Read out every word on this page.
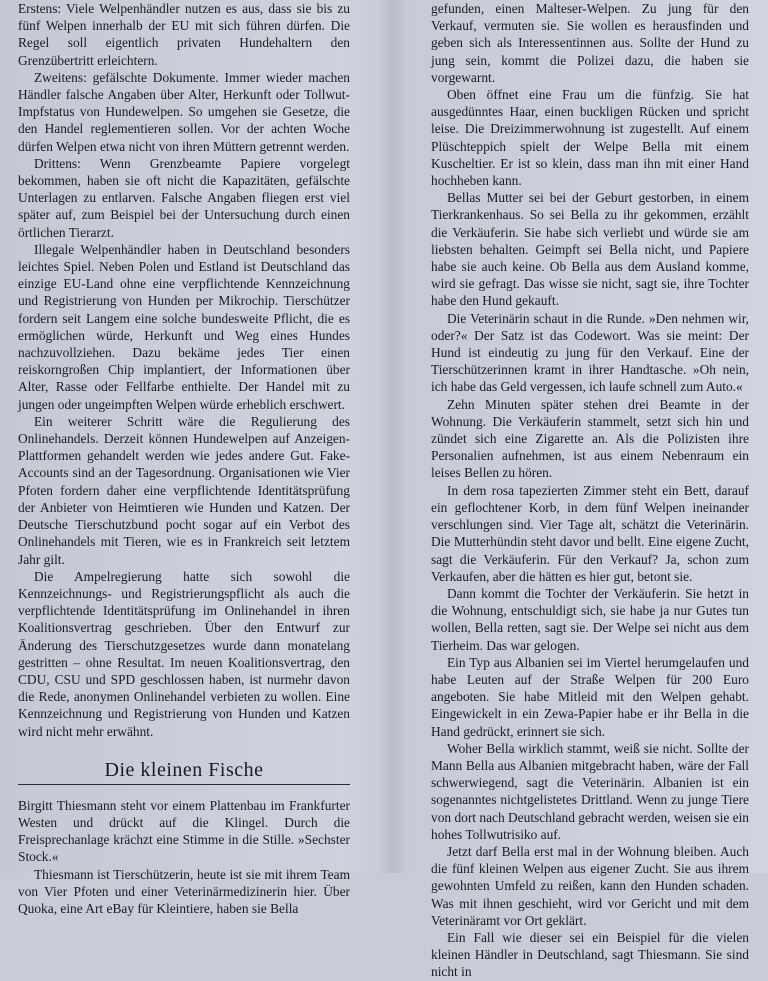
Erstens: Viele Welpenhändler nutzen es aus, dass sie bis zu fünf Welpen innerhalb der EU mit sich führen dürfen. Die Regel soll eigentlich privaten Hundehaltern den Grenzübertritt erleichtern.

Zweitens: gefälschte Dokumente. Immer wieder machen Händler falsche Angaben über Alter, Herkunft oder Tollwut-Impfstatus von Hundewelpen. So umgehen sie Gesetze, die den Handel reglementieren sollen. Vor der achten Woche dürfen Welpen etwa nicht von ihren Müttern getrennt werden.

Drittens: Wenn Grenzbeamte Papiere vorgelegt bekommen, haben sie oft nicht die Kapazitäten, gefälschte Unterlagen zu entlarven. Falsche Angaben fliegen erst viel später auf, zum Beispiel bei der Untersuchung durch einen örtlichen Tierarzt.

Illegale Welpenhändler haben in Deutschland besonders leichtes Spiel. Neben Polen und Estland ist Deutschland das einzige EU-Land ohne eine verpflichtende Kennzeichnung und Registrierung von Hunden per Mikrochip. Tierschützer fordern seit Langem eine solche bundesweite Pflicht, die es ermöglichen würde, Herkunft und Weg eines Hundes nachzuvollziehen. Dazu bekäme jedes Tier einen reiskorngroßen Chip implantiert, der Informationen über Alter, Rasse oder Fellfarbe enthielte. Der Handel mit zu jungen oder ungeimpften Welpen würde erheblich erschwert.

Ein weiterer Schritt wäre die Regulierung des Onlinehandels. Derzeit können Hundewelpen auf Anzeigen-Plattformen gehandelt werden wie jedes andere Gut. Fake-Accounts sind an der Tagesordnung. Organisationen wie Vier Pfoten fordern daher eine verpflichtende Identitätsprüfung der Anbieter von Heimtieren wie Hunden und Katzen. Der Deutsche Tierschutzbund pocht sogar auf ein Verbot des Onlinehandels mit Tieren, wie es in Frankreich seit letztem Jahr gilt.

Die Ampelregierung hatte sich sowohl die Kennzeichnungs- und Registrierungspflicht als auch die verpflichtende Identitätsprüfung im Onlinehandel in ihren Koalitionsvertrag geschrieben. Über den Entwurf zur Änderung des Tierschutzgesetzes wurde dann monatelang gestritten – ohne Resultat. Im neuen Koalitionsvertrag, den CDU, CSU und SPD geschlossen haben, ist nurmehr davon die Rede, anonymen Onlinehandel verbieten zu wollen. Eine Kennzeichnung und Registrierung von Hunden und Katzen wird nicht mehr erwähnt.

Die kleinen Fische

Birgitt Thiesmann steht vor einem Plattenbau im Frankfurter Westen und drückt auf die Klingel. Durch die Freisprechanlage krächzt eine Stimme in die Stille. »Sechster Stock.«

Thiesmann ist Tierschützerin, heute ist sie mit ihrem Team von Vier Pfoten und einer Veterinärmedizinerin hier. Über Quoka, eine Art eBay für Kleintiere, haben sie Bella

gefunden, einen Malteser-Welpen. Zu jung für den Verkauf, vermuten sie. Sie wollen es herausfinden und geben sich als Interessentinnen aus. Sollte der Hund zu jung sein, kommt die Polizei dazu, die haben sie vorgewarnt.

Oben öffnet eine Frau um die fünfzig. Sie hat ausgedünntes Haar, einen buckligen Rücken und spricht leise. Die Dreizimmerwohnung ist zugestellt. Auf einem Plüschteppich spielt der Welpe Bella mit einem Kuscheltier. Er ist so klein, dass man ihn mit einer Hand hochheben kann.

Bellas Mutter sei bei der Geburt gestorben, in einem Tierkrankenhaus. So sei Bella zu ihr gekommen, erzählt die Verkäuferin. Sie habe sich verliebt und würde sie am liebsten behalten. Geimpft sei Bella nicht, und Papiere habe sie auch keine. Ob Bella aus dem Ausland komme, wird sie gefragt. Das wisse sie nicht, sagt sie, ihre Tochter habe den Hund gekauft.

Die Veterinärin schaut in die Runde. »Den nehmen wir, oder?« Der Satz ist das Codewort. Was sie meint: Der Hund ist eindeutig zu jung für den Verkauf. Eine der Tierschützerinnen kramt in ihrer Handtasche. »Oh nein, ich habe das Geld vergessen, ich laufe schnell zum Auto.«

Zehn Minuten später stehen drei Beamte in der Wohnung. Die Verkäuferin stammelt, setzt sich hin und zündet sich eine Zigarette an. Als die Polizisten ihre Personalien aufnehmen, ist aus einem Nebenraum ein leises Bellen zu hören.

In dem rosa tapezierten Zimmer steht ein Bett, darauf ein geflochtener Korb, in dem fünf Welpen ineinander verschlungen sind. Vier Tage alt, schätzt die Veterinärin. Die Mutterhündin steht davor und bellt. Eine eigene Zucht, sagt die Verkäuferin. Für den Verkauf? Ja, schon zum Verkaufen, aber die hätten es hier gut, betont sie.

Dann kommt die Tochter der Verkäuferin. Sie hetzt in die Wohnung, entschuldigt sich, sie habe ja nur Gutes tun wollen, Bella retten, sagt sie. Der Welpe sei nicht aus dem Tierheim. Das war gelogen.

Ein Typ aus Albanien sei im Viertel herumgelaufen und habe Leuten auf der Straße Welpen für 200 Euro angeboten. Sie habe Mitleid mit den Welpen gehabt. Eingewickelt in ein Zewa-Papier habe er ihr Bella in die Hand gedrückt, erinnert sie sich.

Woher Bella wirklich stammt, weiß sie nicht. Sollte der Mann Bella aus Albanien mitgebracht haben, wäre der Fall schwerwiegend, sagt die Veterinärin. Albanien ist ein sogenanntes nichtgelistetes Drittland. Wenn zu junge Tiere von dort nach Deutschland gebracht werden, weisen sie ein hohes Tollwutrisiko auf.

Jetzt darf Bella erst mal in der Wohnung bleiben. Auch die fünf kleinen Welpen aus eigener Zucht. Sie aus ihrem gewohnten Umfeld zu reißen, kann den Hunden schaden. Was mit ihnen geschieht, wird vor Gericht und mit dem Veterinäramt vor Ort geklärt.

Ein Fall wie dieser sei ein Beispiel für die vielen kleinen Händler in Deutschland, sagt Thiesmann. Sie sind nicht in
